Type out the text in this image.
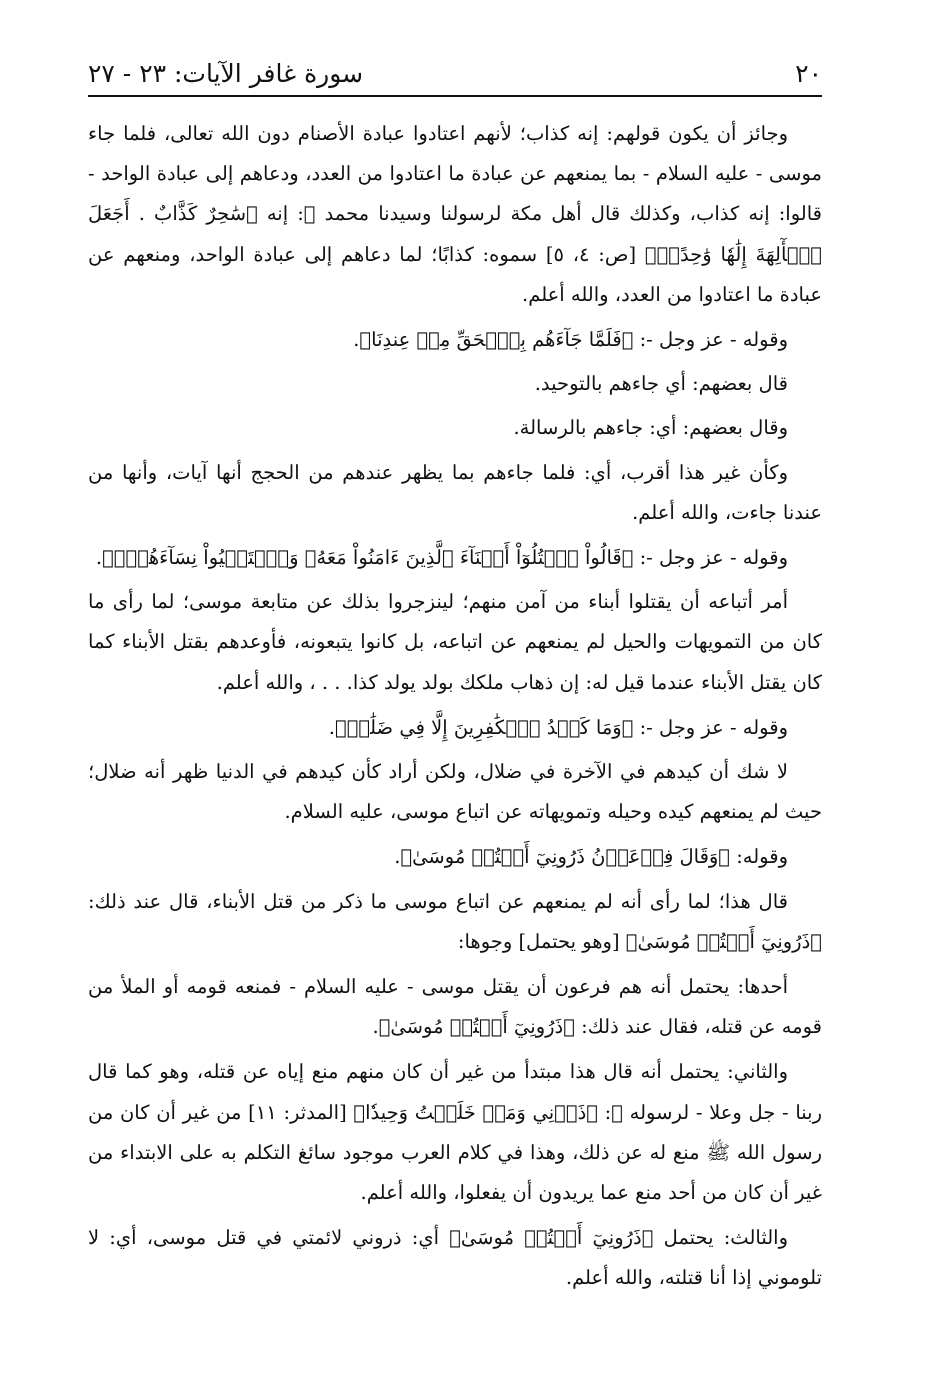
٢٠
سورة غافر الآيات: ٢٣ - ٢٧

وجائز أن يكون قولهم: إنه كذاب؛ لأنهم اعتادوا عبادة الأصنام دون الله تعالى، فلما جاء موسى - عليه السلام - بما يمنعهم عن عبادة ما اعتادوا من العدد، ودعاهم إلى عبادة الواحد - قالوا: إنه كذاب، وكذلك قال أهل مكة لرسولنا وسيدنا محمد ﷺ: إنه ﴿سَٰحِرٌ كَذَّابٌ . أَجَعَلَ ٱلۡأٓلِهَةَ إِلَٰهٗا وَٰحِدًاۖ﴾ [ص: ٤، ٥] سموه: كذابًا؛ لما دعاهم إلى عبادة الواحد، ومنعهم عن عبادة ما اعتادوا من العدد، والله أعلم.

وقوله - عز وجل -: ﴿فَلَمَّا جَآءَهُم بِٱلۡحَقِّ مِنۡ عِندِنَا﴾.

قال بعضهم: أي جاءهم بالتوحيد.

وقال بعضهم: أي: جاءهم بالرسالة.

وكأن غير هذا أقرب، أي: فلما جاءهم بما يظهر عندهم من الحجج أنها آيات، وأنها من عندنا جاءت، والله أعلم.

وقوله - عز وجل -: ﴿قَالُواْ ٱقۡتُلُوٓاْ أَبۡنَآءَ ٱلَّذِينَ ءَامَنُواْ مَعَهُۥ وَٱسۡتَحۡيُواْ نِسَآءَهُمۡۚ﴾.

أمر أتباعه أن يقتلوا أبناء من آمن منهم؛ لينزجروا بذلك عن متابعة موسى؛ لما رأى ما كان من التمويهات والحيل لم يمنعهم عن اتباعه، بل كانوا يتبعونه، فأوعدهم بقتل الأبناء كما كان يقتل الأبناء عندما قيل له: إن ذهاب ملكك بولد يولد كذا. . . ، والله أعلم.

وقوله - عز وجل -: ﴿وَمَا كَيۡدُ ٱلۡكَٰفِرِينَ إِلَّا فِي ضَلَٰلٖ﴾.

لا شك أن كيدهم في الآخرة في ضلال، ولكن أراد كأن كيدهم في الدنيا ظهر أنه ضلال؛ حيث لم يمنعهم كيده وحيله وتمويهاته عن اتباع موسى، عليه السلام.

وقوله: ﴿وَقَالَ فِرۡعَوۡنُ ذَرُونِيٓ أَقۡتُلۡ مُوسَىٰ﴾.

قال هذا؛ لما رأى أنه لم يمنعهم عن اتباع موسى ما ذكر من قتل الأبناء، قال عند ذلك: ﴿ذَرُونِيٓ أَقۡتُلۡ مُوسَىٰ﴾ [وهو يحتمل] وجوها:

أحدها: يحتمل أنه هم فرعون أن يقتل موسى - عليه السلام - فمنعه قومه أو الملأ من قومه عن قتله، فقال عند ذلك: ﴿ذَرُونِيٓ أَقۡتُلۡ مُوسَىٰ﴾.

والثاني: يحتمل أنه قال هذا مبتدأ من غير أن كان منهم منع إياه عن قتله، وهو كما قال ربنا - جل وعلا - لرسوله ﷺ: ﴿ذَرۡنِي وَمَنۡ خَلَقۡتُ وَحِيدٗا﴾ [المدثر: ١١] من غير أن كان من رسول الله ﷺ منع له عن ذلك، وهذا في كلام العرب موجود سائغ التكلم به على الابتداء من غير أن كان من أحد منع عما يريدون أن يفعلوا، والله أعلم.

والثالث: يحتمل ﴿ذَرُونِيٓ أَقۡتُلۡ مُوسَىٰ﴾ أي: ذروني لائمتي في قتل موسى، أي: لا تلوموني إذا أنا قتلته، والله أعلم.
